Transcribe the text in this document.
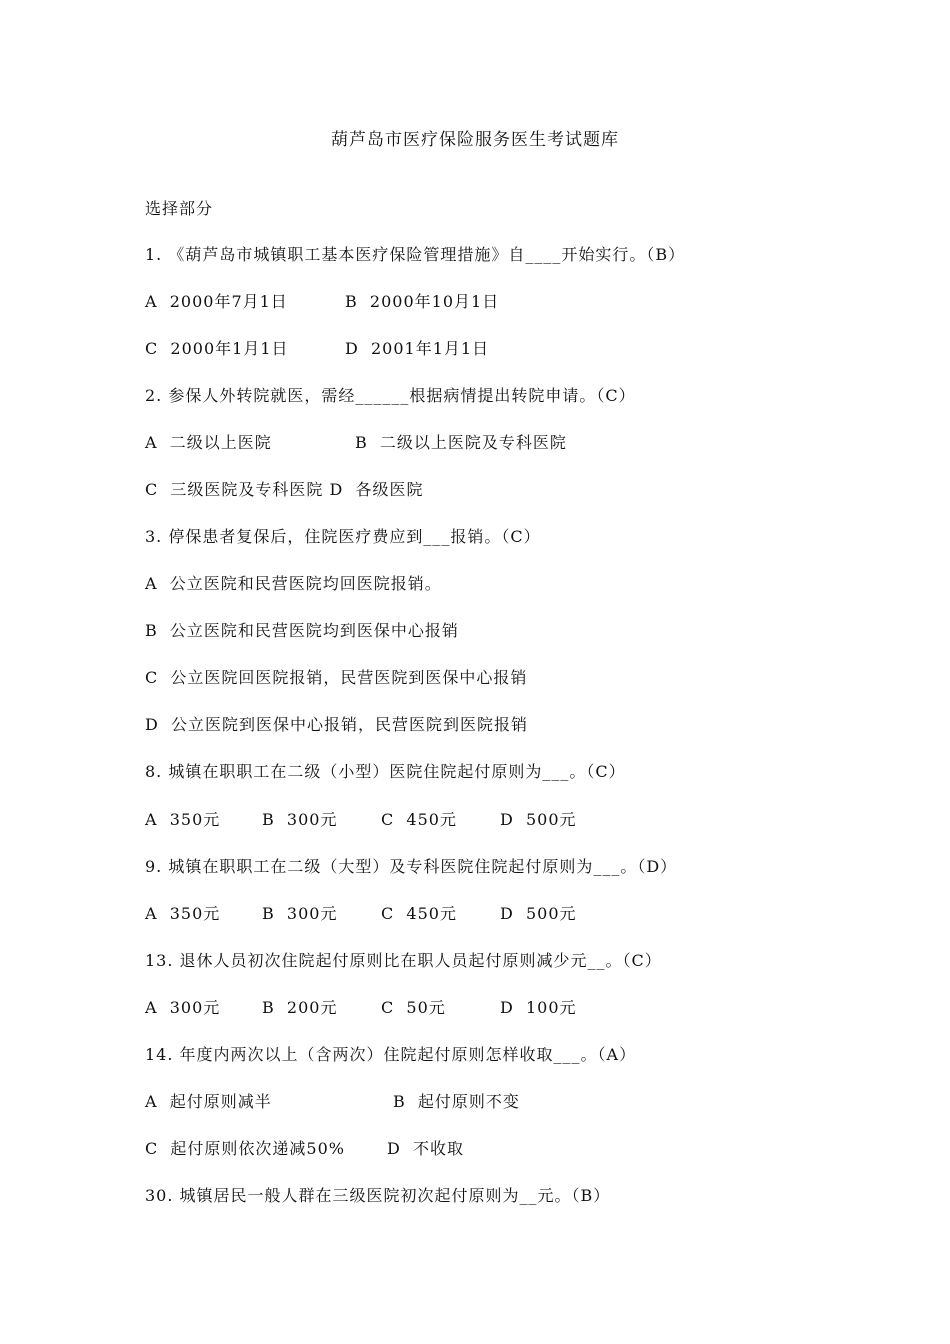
葫芦岛市医疗保险服务医生考试题库
选择部分
1. 《葫芦岛市城镇职工基本医疗保险管理措施》自____开始实行。（B）
A  2000年7月1日	B  2000年10月1日
C  2000年1月1日	D  2001年1月1日
2. 参保人外转院就医，需经______根据病情提出转院申请。（C）
A  二级以上医院	B  二级以上医院及专科医院
C  三级医院及专科医院 D  各级医院
3. 停保患者复保后，住院医疗费应到___报销。（C）
A  公立医院和民营医院均回医院报销。
B  公立医院和民营医院均到医保中心报销
C  公立医院回医院报销，民营医院到医保中心报销
D  公立医院到医保中心报销，民营医院到医院报销
8. 城镇在职职工在二级（小型）医院住院起付原则为___。（C）
A  350元	B  300元	C  450元	D  500元
9. 城镇在职职工在二级（大型）及专科医院住院起付原则为___。（D）
A  350元	B  300元	C  450元	D  500元
13. 退休人员初次住院起付原则比在职人员起付原则减少元__。（C）
A  300元	B  200元	C  50元	D  100元
14. 年度内两次以上（含两次）住院起付原则怎样收取___。（A）
A  起付原则减半	B  起付原则不变
C  起付原则依次递减50%	D  不收取
30. 城镇居民一般人群在三级医院初次起付原则为__元。（B）
